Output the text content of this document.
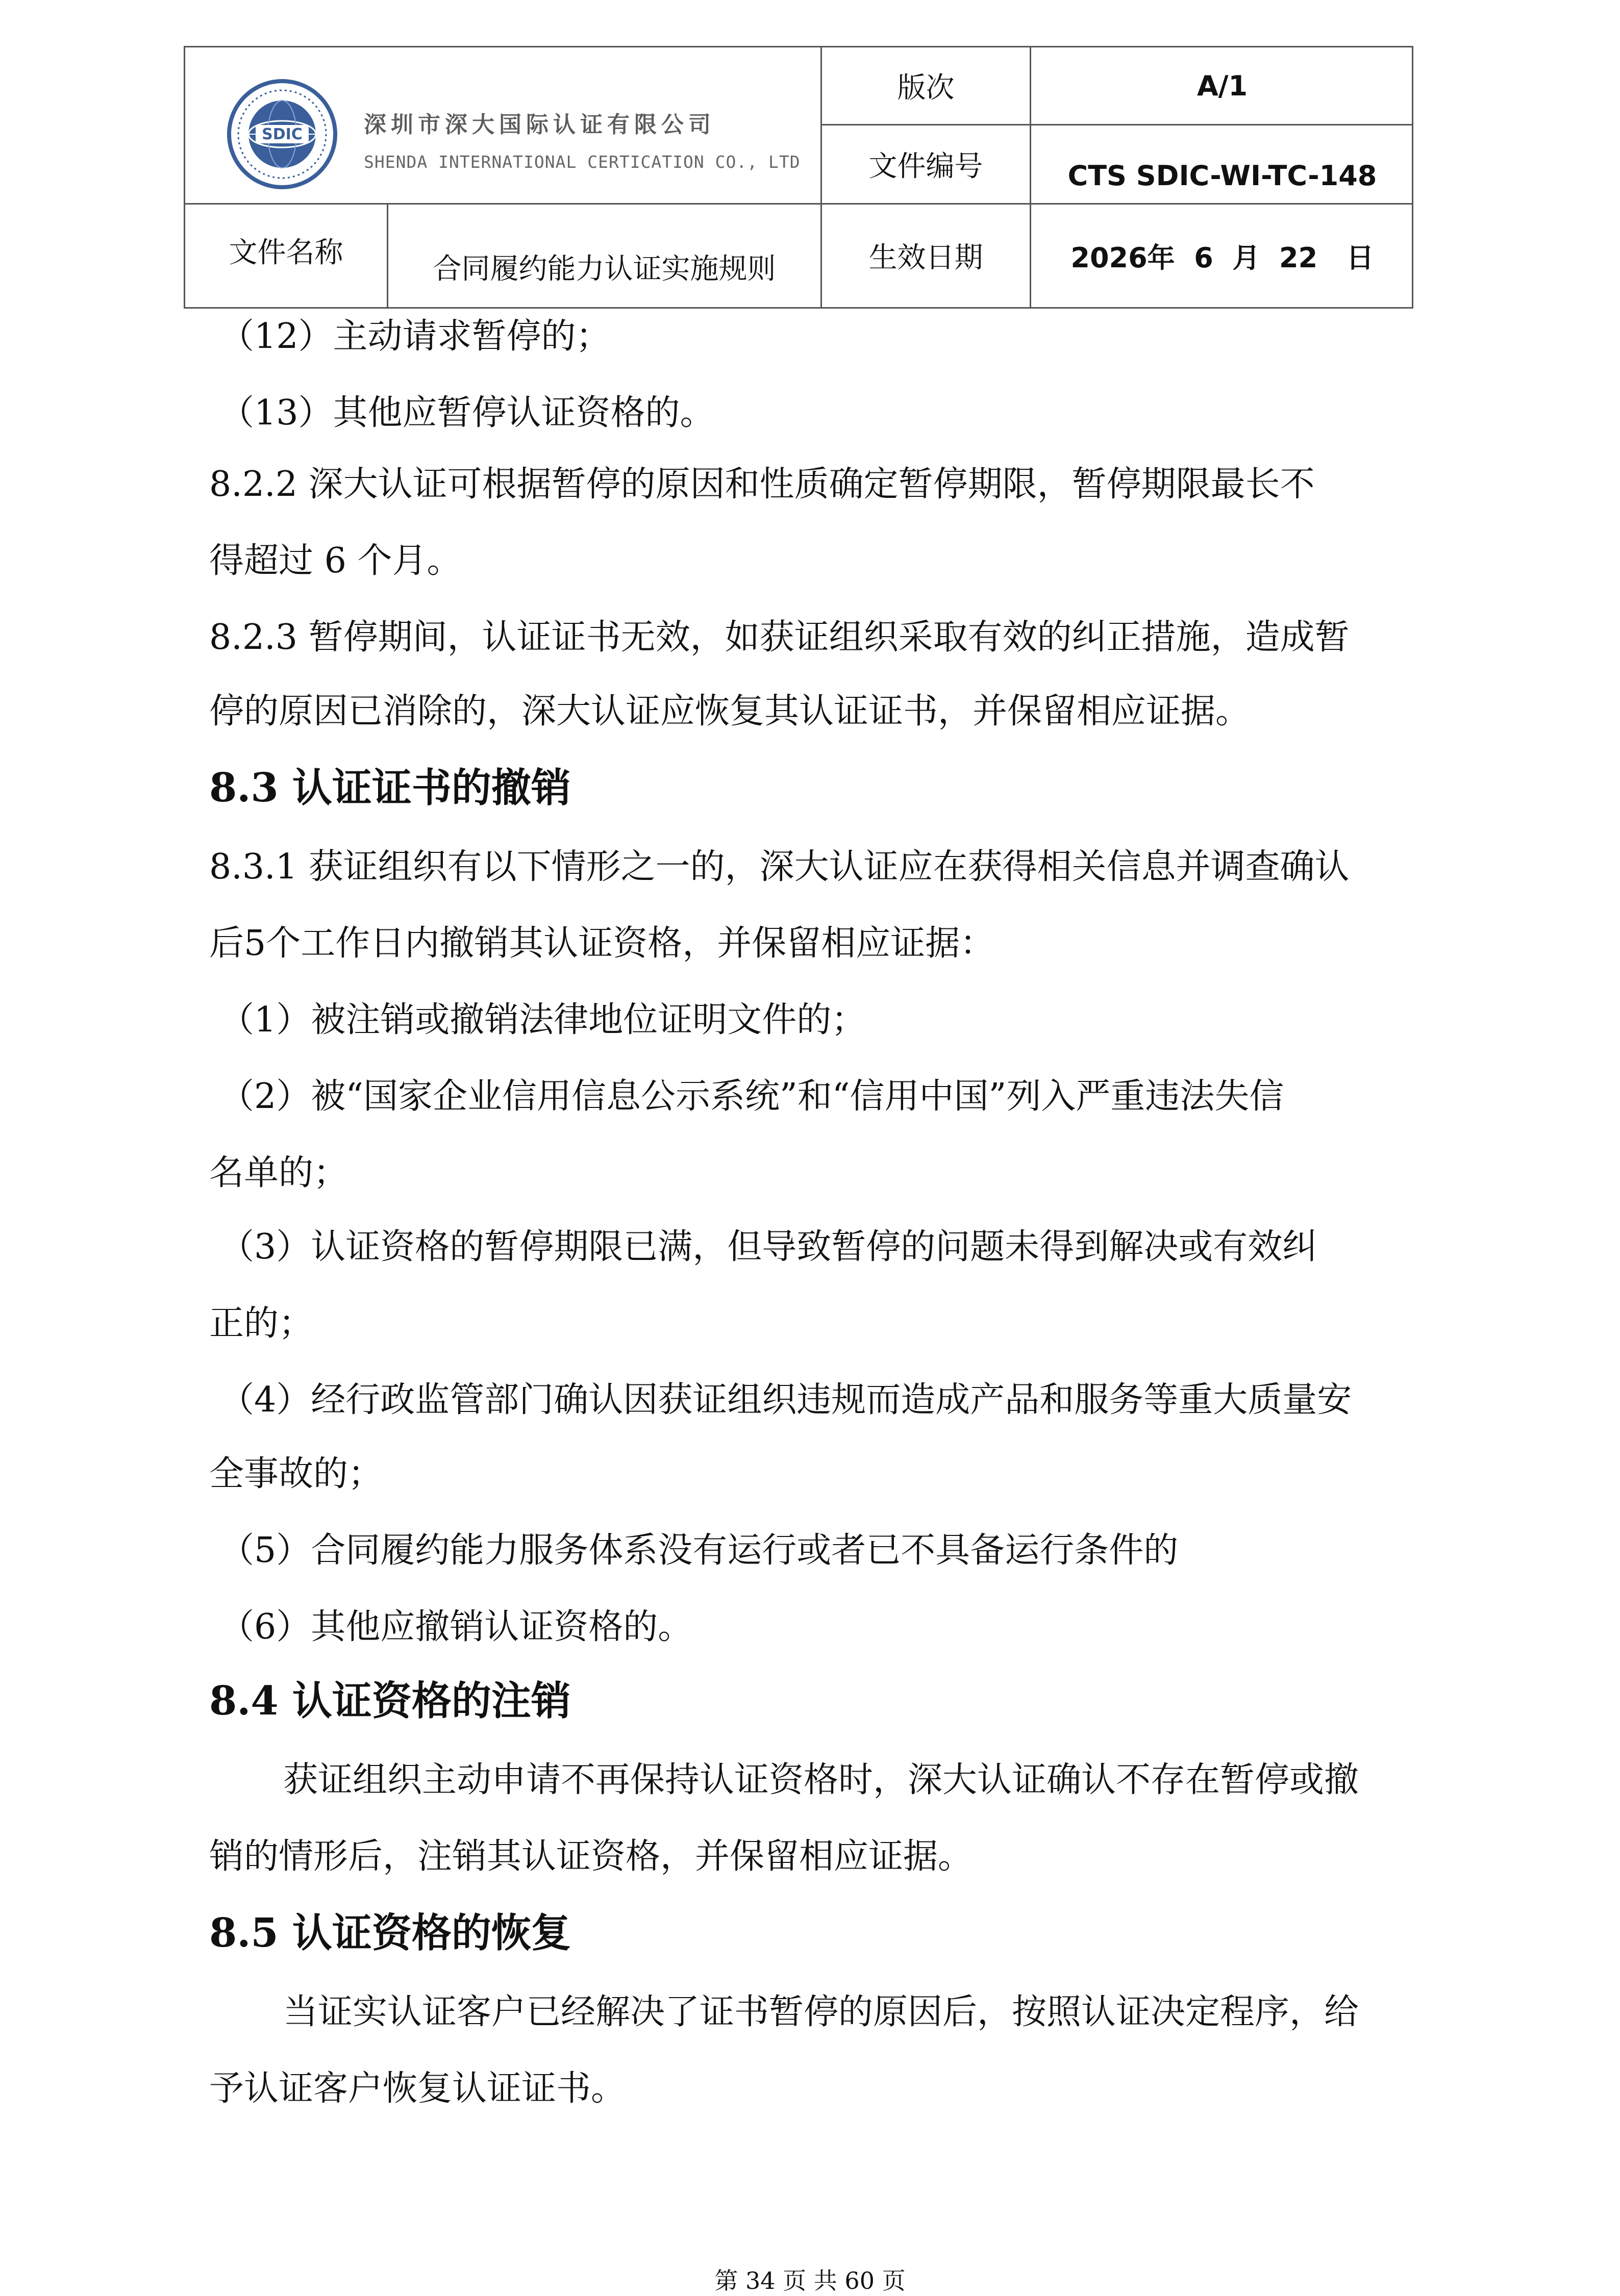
SDIC	深圳市深大国际认证有限公司
SHENDA INTERNATIONAL CERTICATION CO., LTD
版次	A/1
文件编号	CTS SDIC-WI-TC-148
文件名称	合同履约能力认证实施规则	生效日期	2026年  6  月  22   日
（12）主动请求暂停的；
（13）其他应暂停认证资格的。
8.2.2 深大认证可根据暂停的原因和性质确定暂停期限，暂停期限最长不
得超过 6 个月。
8.2.3 暂停期间，认证证书无效，如获证组织采取有效的纠正措施，造成暂
停的原因已消除的，深大认证应恢复其认证证书，并保留相应证据。
8.3 认证证书的撤销
8.3.1 获证组织有以下情形之一的，深大认证应在获得相关信息并调查确认
后5个工作日内撤销其认证资格，并保留相应证据：
（1）被注销或撤销法律地位证明文件的；
（2）被“国家企业信用信息公示系统”和“信用中国”列入严重违法失信
名单的；
（3）认证资格的暂停期限已满，但导致暂停的问题未得到解决或有效纠
正的；
（4）经行政监管部门确认因获证组织违规而造成产品和服务等重大质量安
全事故的；
（5）合同履约能力服务体系没有运行或者已不具备运行条件的
（6）其他应撤销认证资格的。
8.4 认证资格的注销
获证组织主动申请不再保持认证资格时，深大认证确认不存在暂停或撤
销的情形后，注销其认证资格，并保留相应证据。
8.5 认证资格的恢复
当证实认证客户已经解决了证书暂停的原因后，按照认证决定程序，给
予认证客户恢复认证证书。
第 34 页 共 60 页
